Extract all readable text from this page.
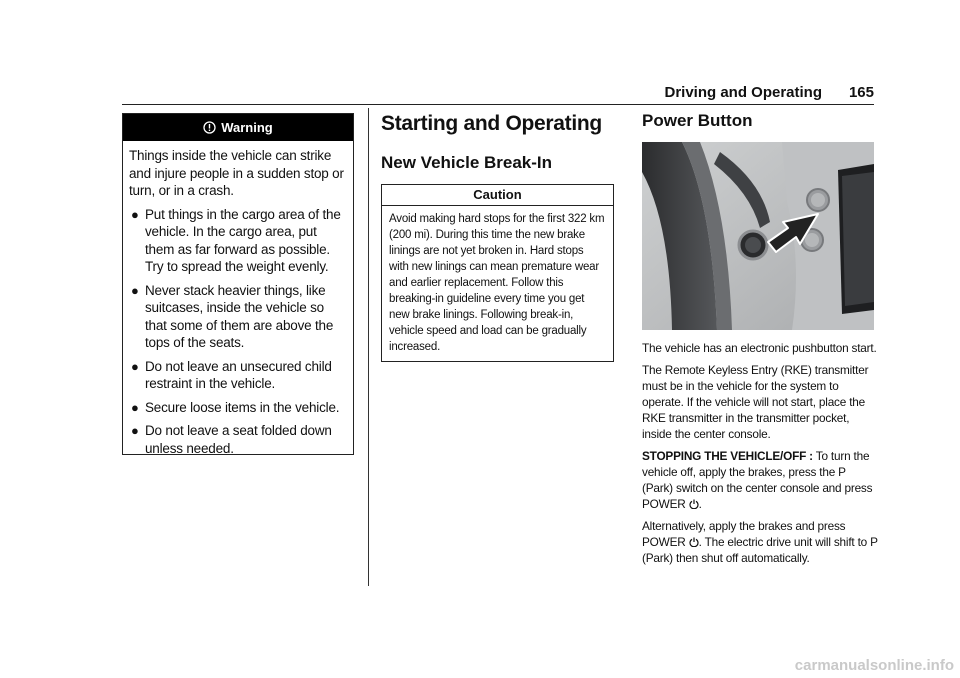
Driving and Operating 165
Warning

Things inside the vehicle can strike and injure people in a sudden stop or turn, or in a crash.

● Put things in the cargo area of the vehicle. In the cargo area, put them as far forward as possible. Try to spread the weight evenly.
● Never stack heavier things, like suitcases, inside the vehicle so that some of them are above the tops of the seats.
● Do not leave an unsecured child restraint in the vehicle.
● Secure loose items in the vehicle.
● Do not leave a seat folded down unless needed.
Starting and Operating
New Vehicle Break-In
Caution
Avoid making hard stops for the first 322 km (200 mi). During this time the new brake linings are not yet broken in. Hard stops with new linings can mean premature wear and earlier replacement. Follow this breaking-in guideline every time you get new brake linings. Following break-in, vehicle speed and load can be gradually increased.
Power Button

The vehicle has an electronic pushbutton start.

The Remote Keyless Entry (RKE) transmitter must be in the vehicle for the system to operate. If the vehicle will not start, place the RKE transmitter in the transmitter pocket, inside the center console.

STOPPING THE VEHICLE/OFF : To turn the vehicle off, apply the brakes, press the P (Park) switch on the center console and press POWER .

Alternatively, apply the brakes and press POWER . The electric drive unit will shift to P (Park) then shut off automatically.

carmanualsonline.info
